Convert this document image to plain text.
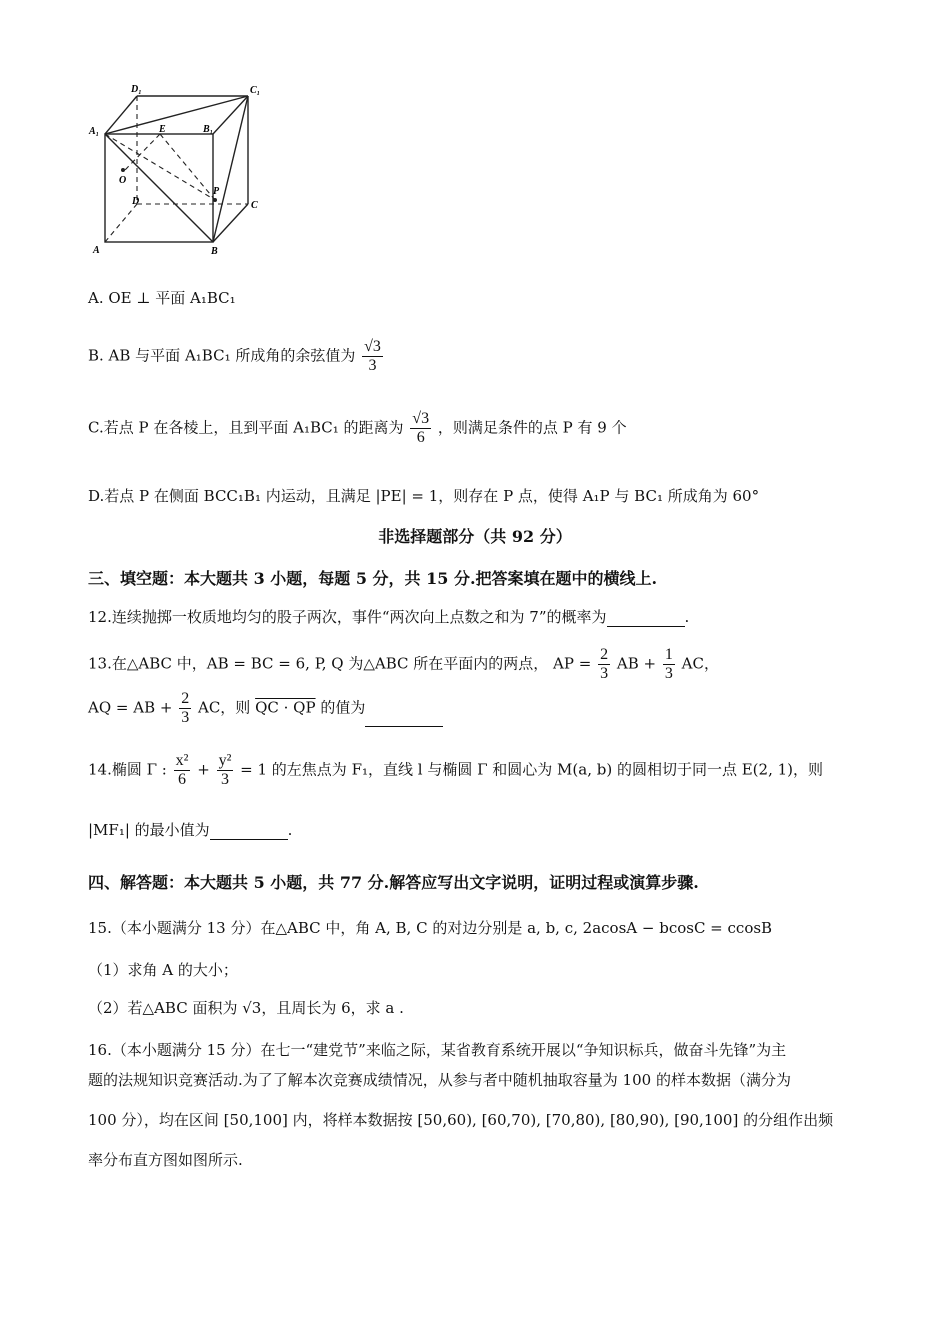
D₁	C₁
A₁	E	B₁
O
P
D	C
A	B
A. OE ⊥ 平面 A₁BC₁
B. AB 与平面 A₁BC₁ 所成角的余弦值为 $\frac{√3}{3}$
C.若点 P 在各棱上，且到平面 A₁BC₁ 的距离为 $\frac{√3}{6}$ ，则满足条件的点 P 有 9 个
D.若点 P 在侧面 BCC₁B₁ 内运动，且满足 |PE| = 1，则存在 P 点，使得 A₁P 与 BC₁ 所成角为 60°
非选择题部分（共 92 分）
三、填空题：本大题共 3 小题，每题 5 分，共 15 分.把答案填在题中的横线上.
12.连续抛掷一枚质地均匀的股子两次，事件“两次向上点数之和为 7”的概率为	.
13.在△ABC 中，AB = BC = 6, P, Q 为△ABC 所在平面内的两点， AP = $\frac{2}{3}$ AB + $\frac{1}{3}$ AC，
AQ = AB + $\frac{2}{3}$ AC，则 QC · QP 的值为
14.椭圆 Γ : $\frac{\text{x²}}{6} + \frac{\text{y²}}{3} = 1$ 的左焦点为 F₁，直线 l 与椭圆 Γ 和圆心为 M(a, b) 的圆相切于同一点 E(2, 1)，则
|MF₁| 的最小值为	.
四、解答题：本大题共 5 小题，共 77 分.解答应写出文字说明，证明过程或演算步骤.
15.（本小题满分 13 分）在△ABC 中，角 A, B, C 的对边分别是 a, b, c, 2acosA − bcosC = ccosB
（1）求角 A 的大小；
（2）若△ABC 面积为 √3，且周长为 6，求 a .
16.（本小题满分 15 分）在七一“建党节”来临之际，某省教育系统开展以“争知识标兵，做奋斗先锋”为主
题的法规知识竞赛活动.为了了解本次竞赛成绩情况，从参与者中随机抽取容量为 100 的样本数据（满分为
100 分），均在区间 [50,100] 内，将样本数据按 [50,60), [60,70), [70,80), [80,90), [90,100] 的分组作出频
率分布直方图如图所示.
